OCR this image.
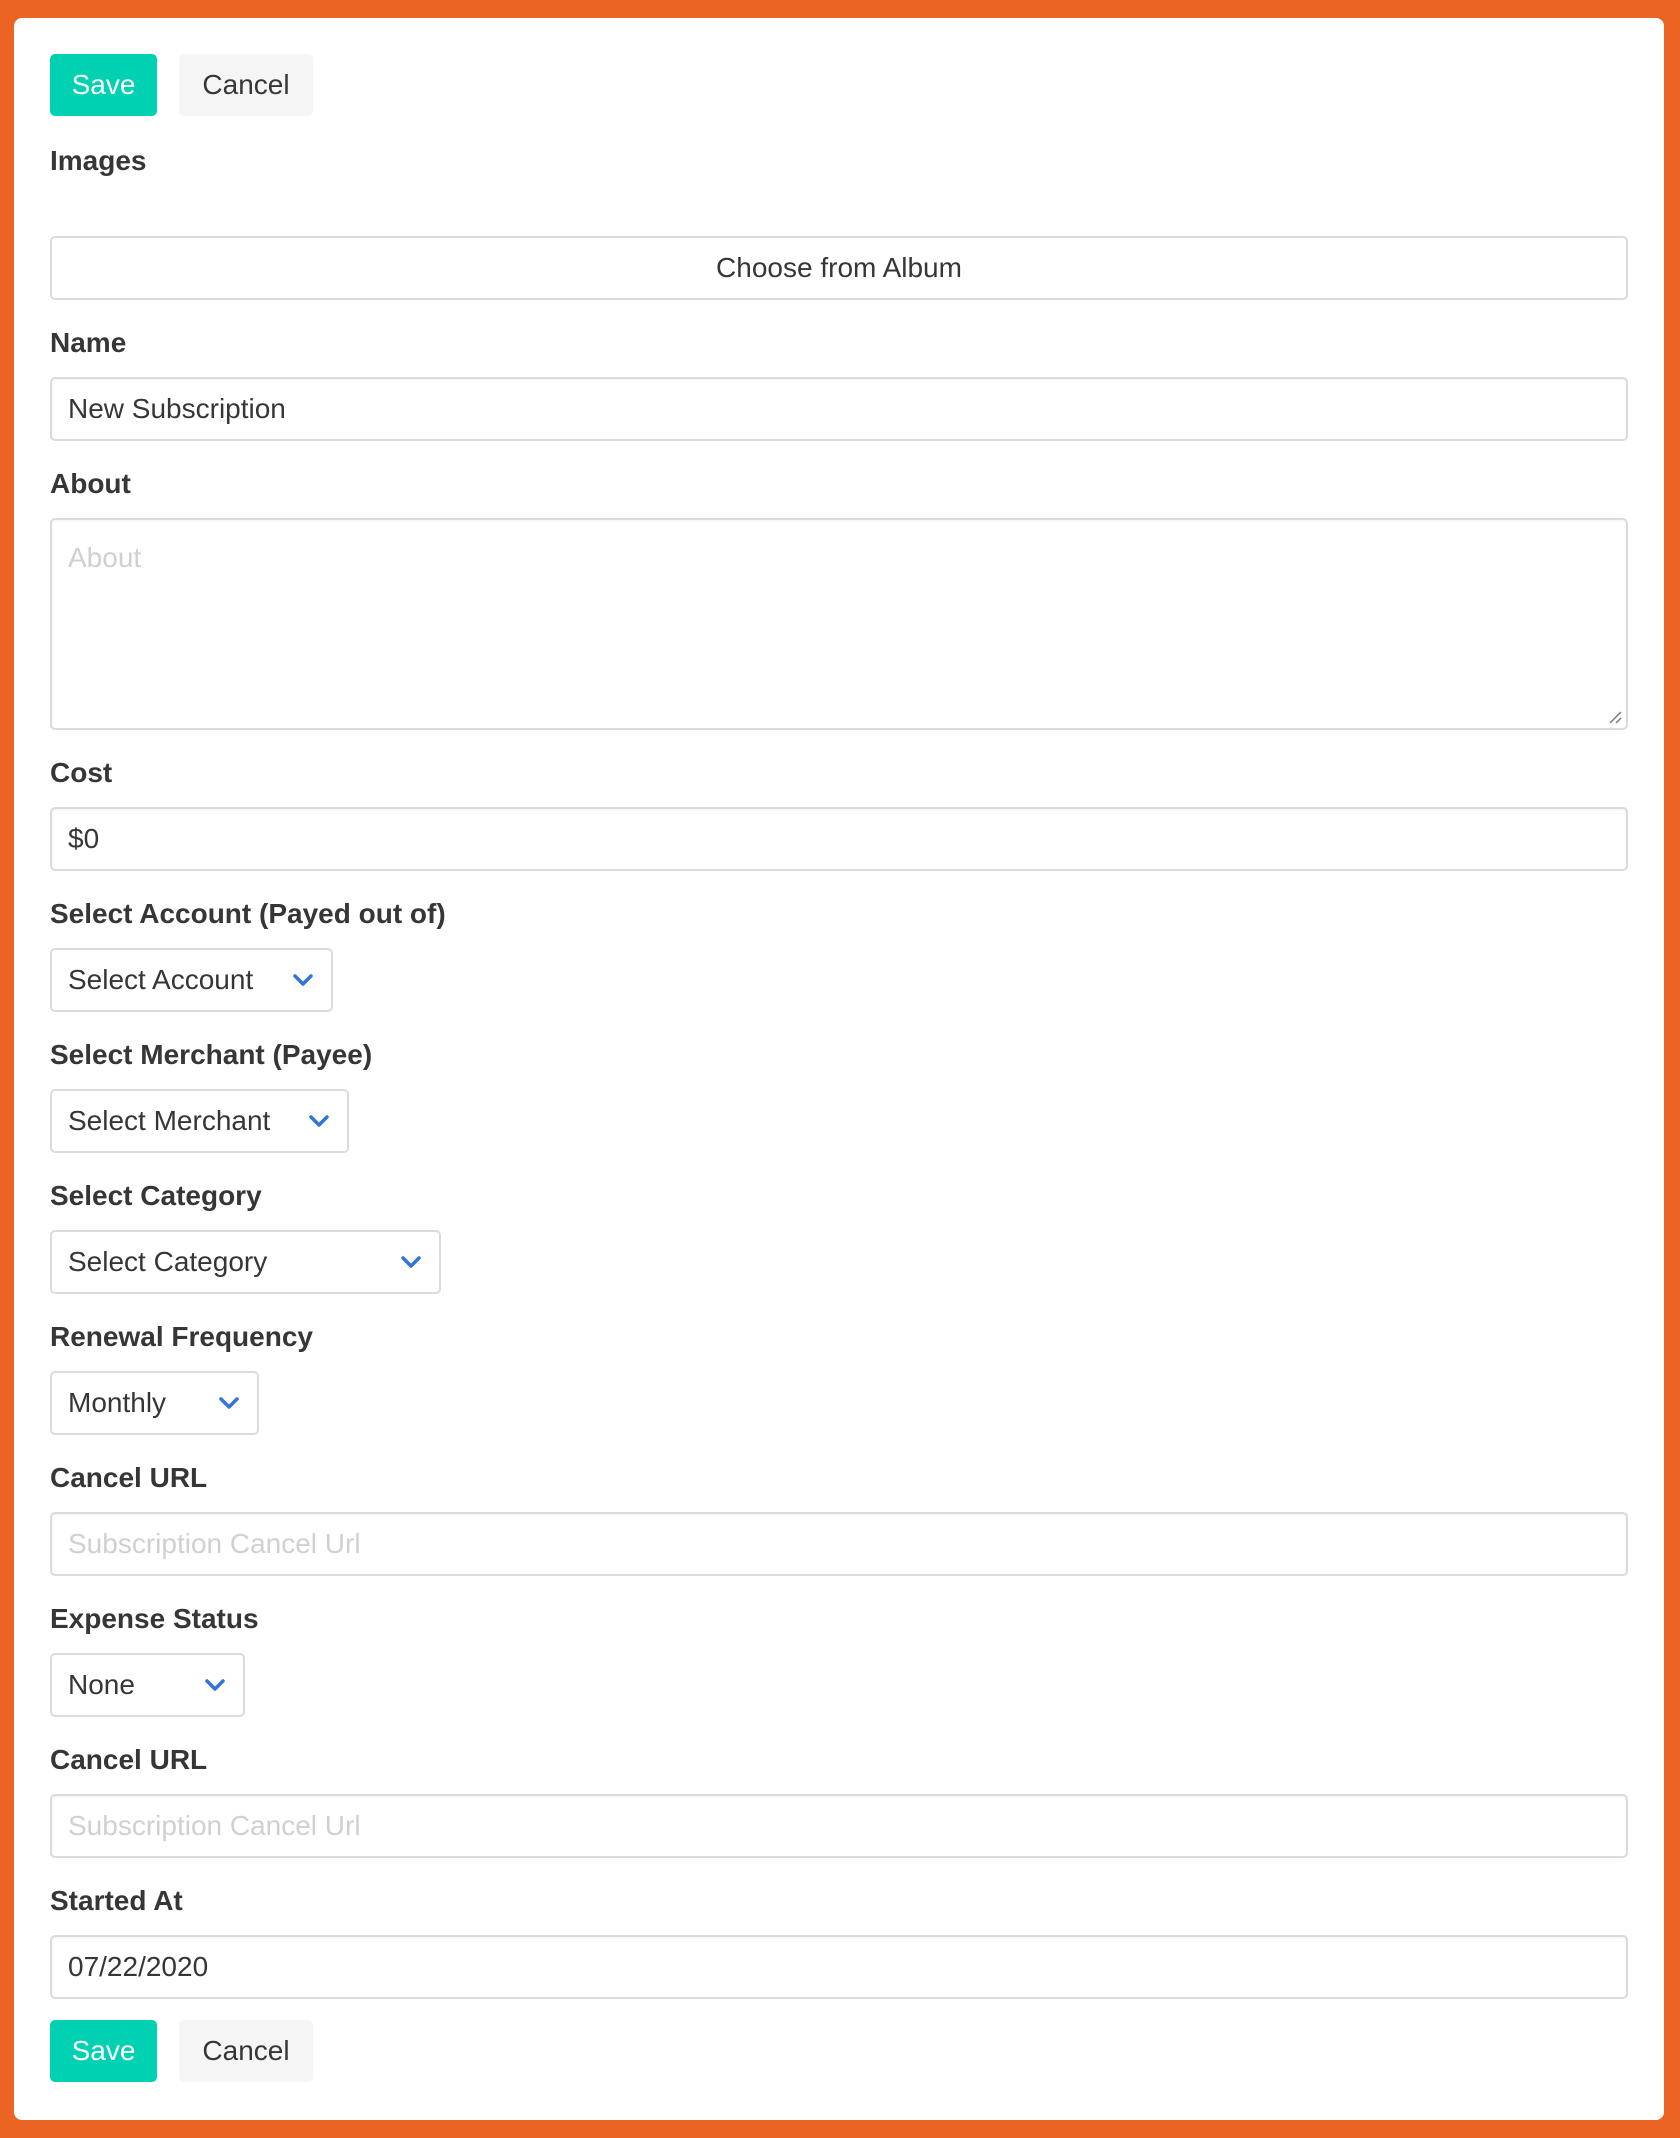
Save	Cancel
Images
Choose from Album
Name
New Subscription
About
About
Cost
$0
Select Account (Payed out of)
Select Account
Select Merchant (Payee)
Select Merchant
Select Category
Select Category
Renewal Frequency
Monthly
Cancel URL
Subscription Cancel Url
Expense Status
None
Cancel URL
Subscription Cancel Url
Started At
07/22/2020
Save	Cancel
